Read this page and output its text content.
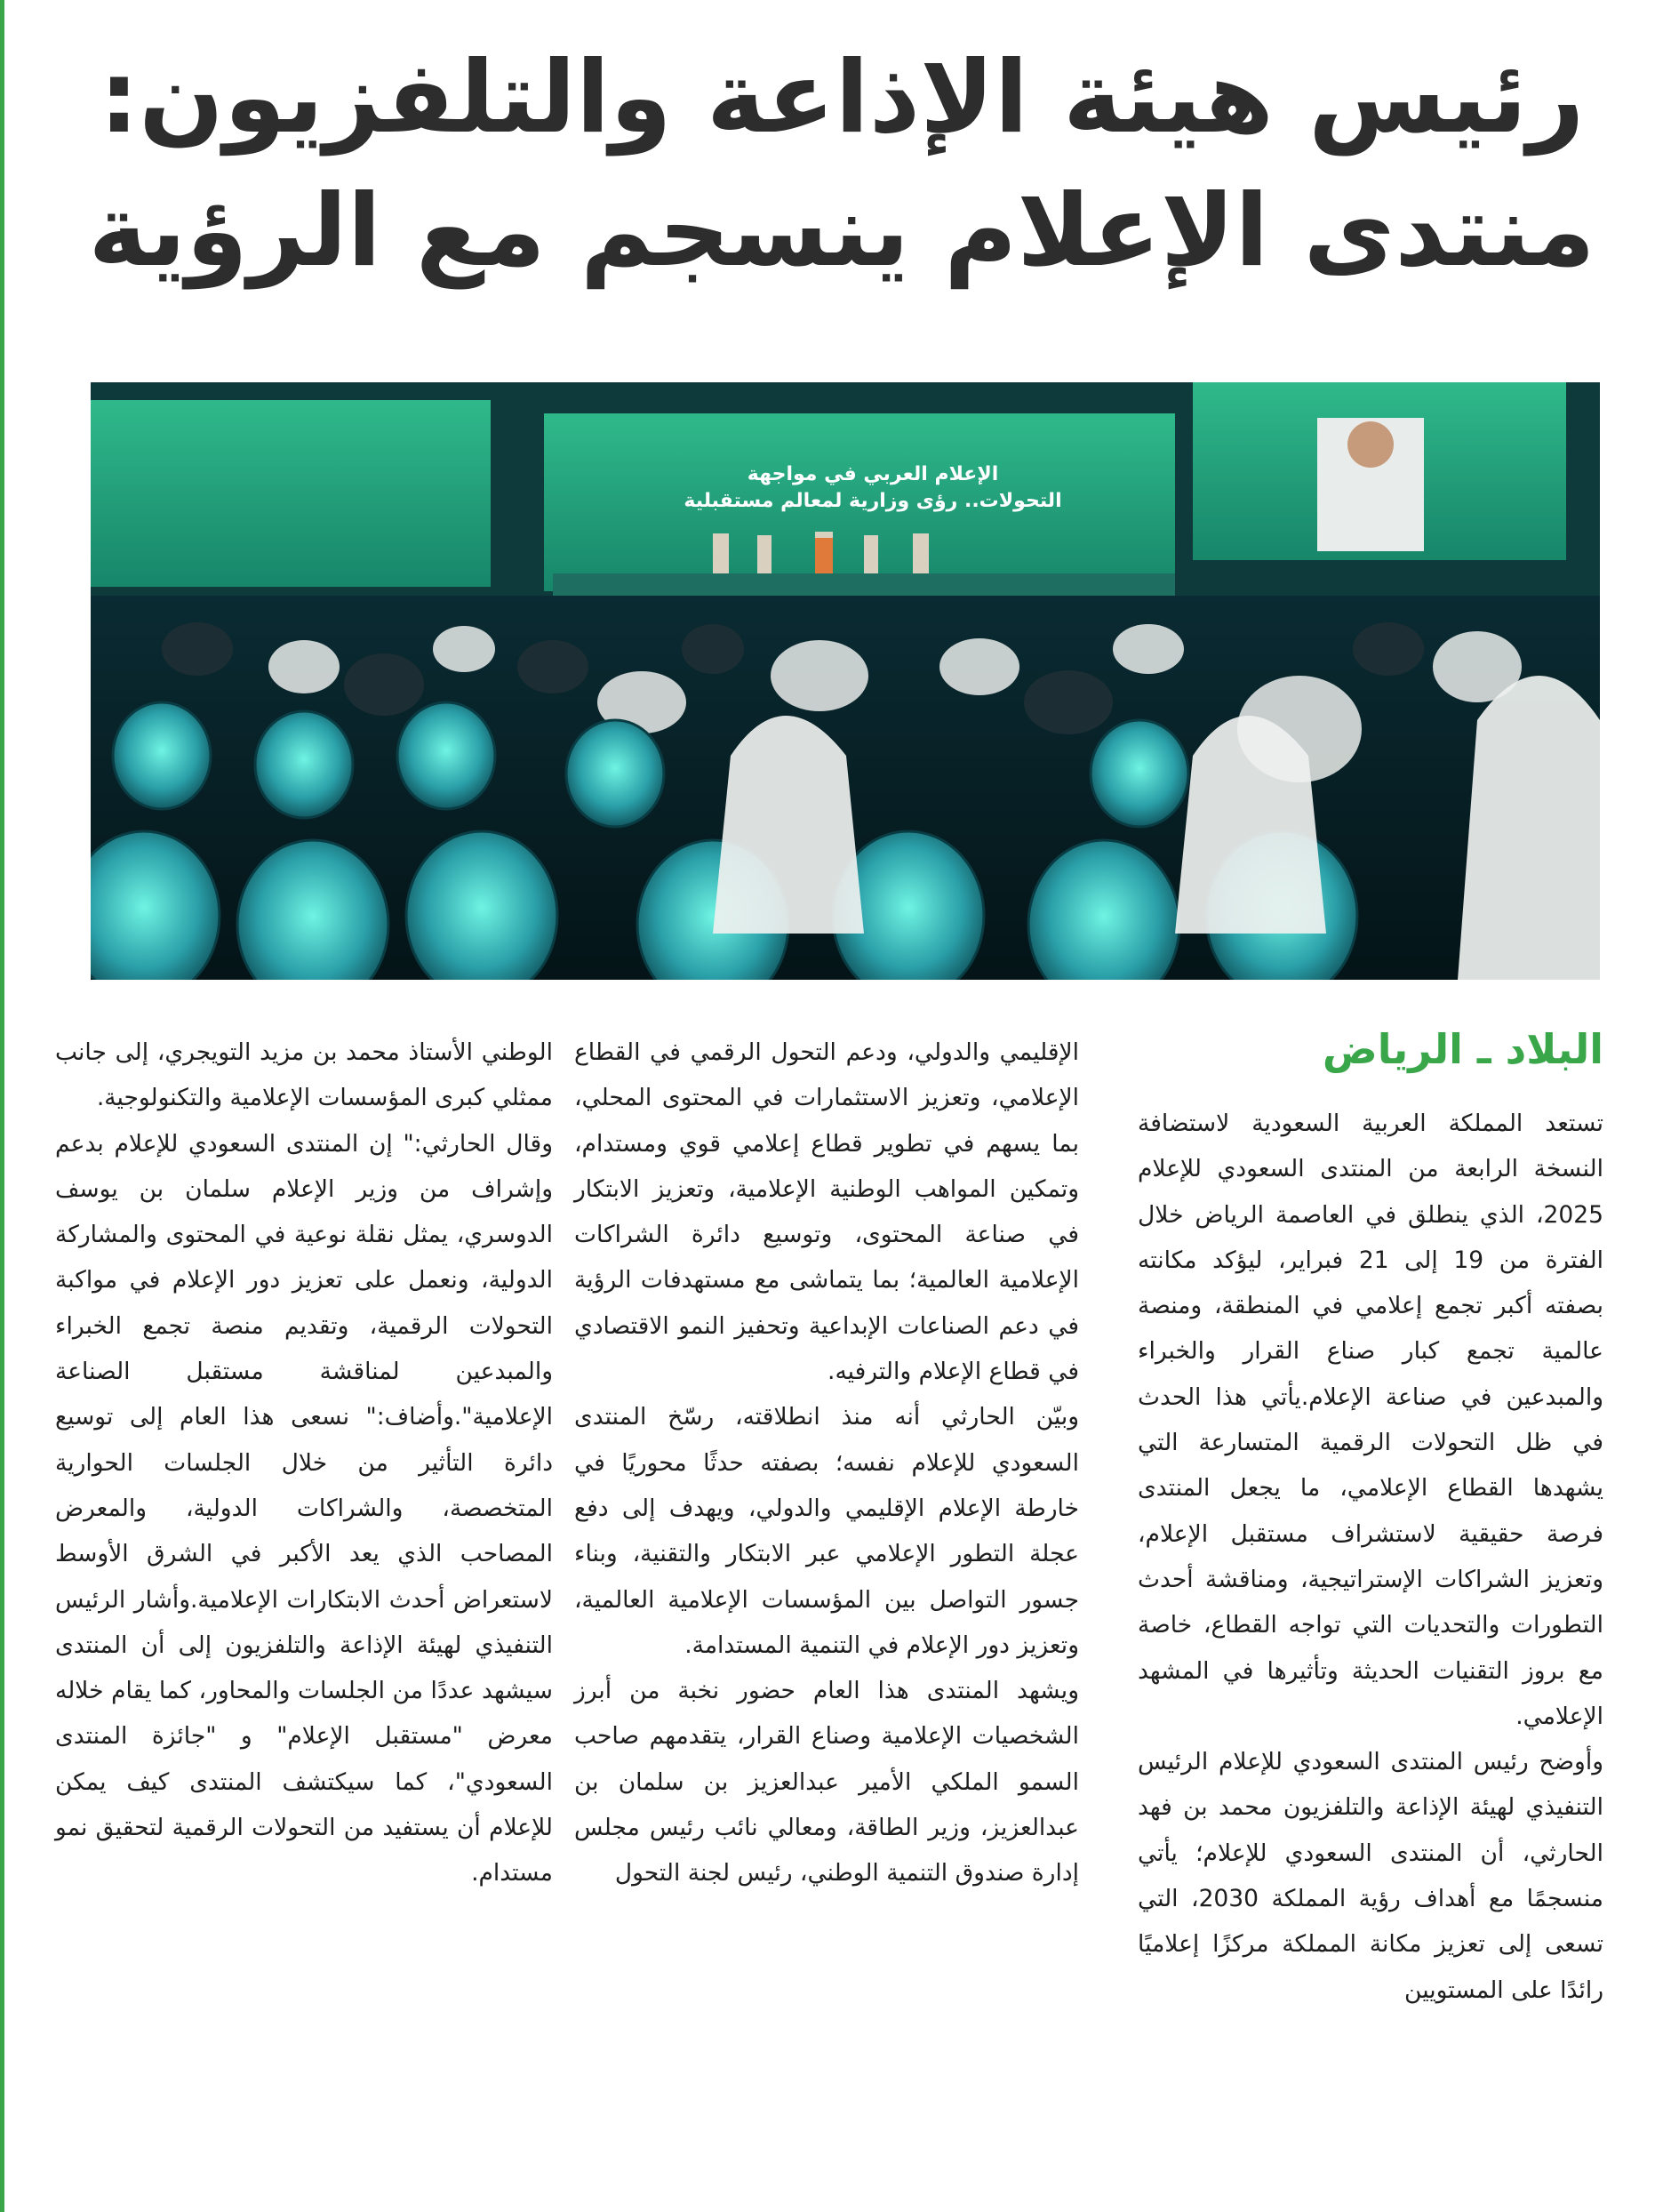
رئيس هيئة الإذاعة والتلفزيون:
منتدى الإعلام ينسجم مع الرؤية
الإعلام العربي في مواجهة
التحولات.. رؤى وزارية لمعالم مستقبلية
البلاد ـ الرياض

تستعد المملكة العربية السعودية لاستضافة النسخة الرابعة من المنتدى السعودي للإعلام 2025، الذي ينطلق في العاصمة الرياض خلال الفترة من 19 إلى 21 فبراير، ليؤكد مكانته بصفته أكبر تجمع إعلامي في المنطقة، ومنصة عالمية تجمع كبار صناع القرار والخبراء والمبدعين في صناعة الإعلام.يأتي هذا الحدث في ظل التحولات الرقمية المتسارعة التي يشهدها القطاع الإعلامي، ما يجعل المنتدى فرصة حقيقية لاستشراف مستقبل الإعلام، وتعزيز الشراكات الإستراتيجية، ومناقشة أحدث التطورات والتحديات التي تواجه القطاع، خاصة مع بروز التقنيات الحديثة وتأثيرها في المشهد الإعلامي.

وأوضح رئيس المنتدى السعودي للإعلام الرئيس التنفيذي لهيئة الإذاعة والتلفزيون محمد بن فهد الحارثي، أن المنتدى السعودي للإعلام؛ يأتي منسجمًا مع أهداف رؤية المملكة 2030، التي تسعى إلى تعزيز مكانة المملكة مركزًا إعلاميًا رائدًا على المستويين

الإقليمي والدولي، ودعم التحول الرقمي في القطاع الإعلامي، وتعزيز الاستثمارات في المحتوى المحلي، بما يسهم في تطوير قطاع إعلامي قوي ومستدام، وتمكين المواهب الوطنية الإعلامية، وتعزيز الابتكار في صناعة المحتوى، وتوسيع دائرة الشراكات الإعلامية العالمية؛ بما يتماشى مع مستهدفات الرؤية في دعم الصناعات الإبداعية وتحفيز النمو الاقتصادي في قطاع الإعلام والترفيه.

وبيّن الحارثي أنه منذ انطلاقته، رسّخ المنتدى السعودي للإعلام نفسه؛ بصفته حدثًا محوريًا في خارطة الإعلام الإقليمي والدولي، ويهدف إلى دفع عجلة التطور الإعلامي عبر الابتكار والتقنية، وبناء جسور التواصل بين المؤسسات الإعلامية العالمية، وتعزيز دور الإعلام في التنمية المستدامة.

ويشهد المنتدى هذا العام حضور نخبة من أبرز الشخصيات الإعلامية وصناع القرار، يتقدمهم صاحب السمو الملكي الأمير عبدالعزيز بن سلمان بن عبدالعزيز، وزير الطاقة، ومعالي نائب رئيس مجلس إدارة صندوق التنمية الوطني، رئيس لجنة التحول

الوطني الأستاذ محمد بن مزيد التويجري، إلى جانب ممثلي كبرى المؤسسات الإعلامية والتكنولوجية.

وقال الحارثي:" إن المنتدى السعودي للإعلام بدعم وإشراف من وزير الإعلام سلمان بن يوسف الدوسري، يمثل نقلة نوعية في المحتوى والمشاركة الدولية، ونعمل على تعزيز دور الإعلام في مواكبة التحولات الرقمية، وتقديم منصة تجمع الخبراء والمبدعين لمناقشة مستقبل الصناعة الإعلامية".وأضاف:" نسعى هذا العام إلى توسيع دائرة التأثير من خلال الجلسات الحوارية المتخصصة، والشراكات الدولية، والمعرض المصاحب الذي يعد الأكبر في الشرق الأوسط لاستعراض أحدث الابتكارات الإعلامية.وأشار الرئيس التنفيذي لهيئة الإذاعة والتلفزيون إلى أن المنتدى سيشهد عددًا من الجلسات والمحاور، كما يقام خلاله معرض "مستقبل الإعلام" و "جائزة المنتدى السعودي"، كما سيكتشف المنتدى كيف يمكن للإعلام أن يستفيد من التحولات الرقمية لتحقيق نمو مستدام.
